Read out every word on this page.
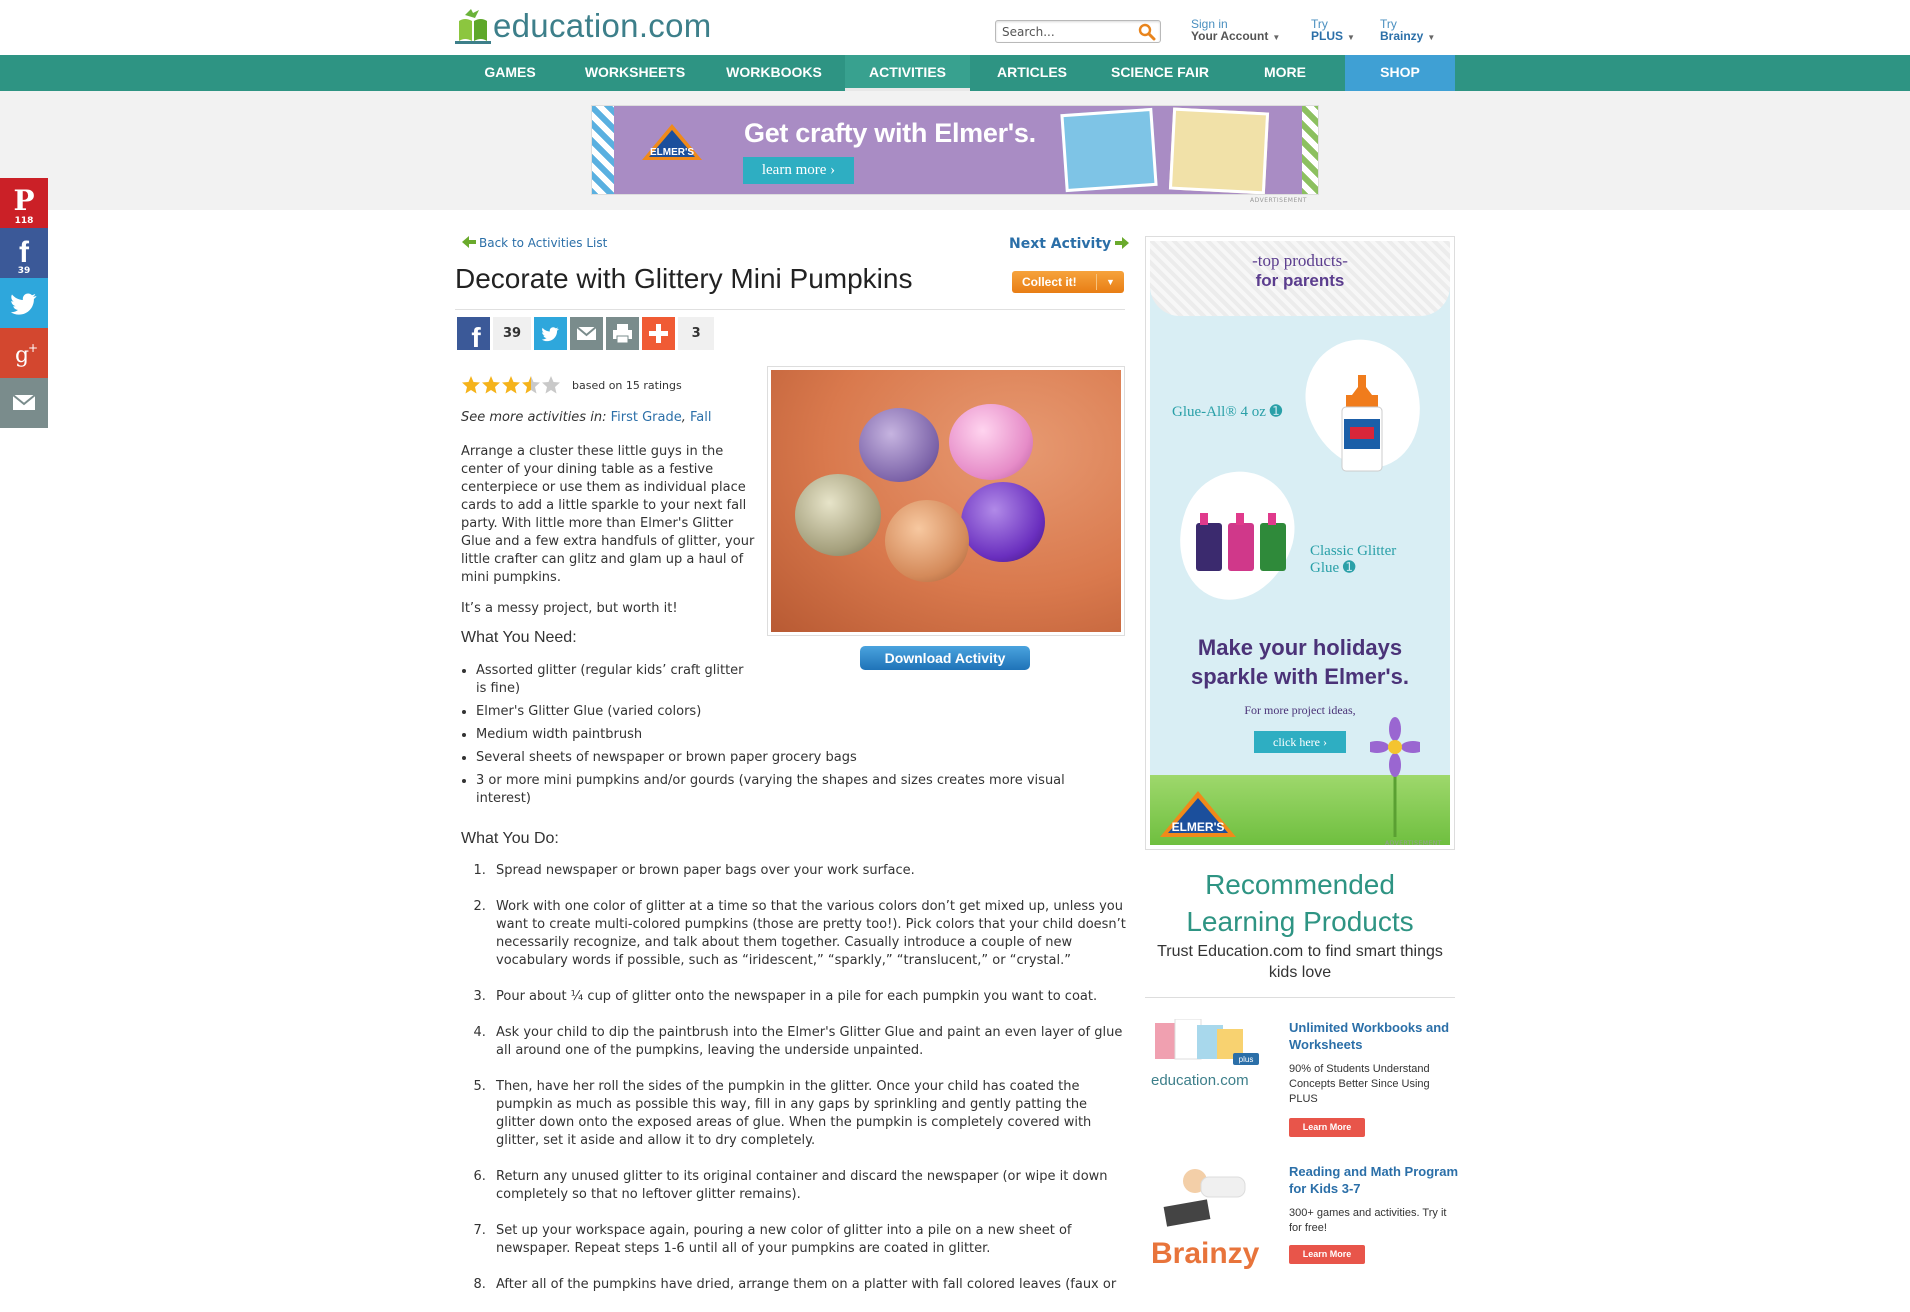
education.com
Search...	Sign in
Your Account ▼
Try
PLUS ▼
Try
Brainzy ▼
GAMES	WORKSHEETS	WORKBOOKS	ACTIVITIES	ARTICLES	SCIENCE FAIR	MORE	SHOP
ELMER'S
Get crafty with Elmer's.
learn more ›
ADVERTISEMENT
P
118
f
39
g
+
Back to Activities List	Next Activity
Decorate with Glittery Mini Pumpkins	Collect it!	▼
f	39	3
based on 15 ratings
See more activities in: First Grade, Fall
Arrange a cluster these little guys in the center of your dining table as a festive centerpiece or use them as individual place cards to add a little sparkle to your next fall party. With little more than Elmer's Glitter Glue and a few extra handfuls of glitter, your little crafter can glitz and glam up a haul of mini pumpkins.
It’s a messy project, but worth it!
What You Need:
• Assorted glitter (regular kids’ craft glitter is fine)
• Elmer's Glitter Glue (varied colors)
• Medium width paintbrush
• Several sheets of newspaper or brown paper grocery bags
• 3 or more mini pumpkins and/or gourds (varying the shapes and sizes creates more visual interest)
What You Do:
1. Spread newspaper or brown paper bags over your work surface.
2. Work with one color of glitter at a time so that the various colors don’t get mixed up, unless you want to create multi-colored pumpkins (those are pretty too!). Pick colors that your child doesn’t necessarily recognize, and talk about them together. Casually introduce a couple of new vocabulary words if possible, such as “iridescent,” “sparkly,” “translucent,” or “crystal.”
3. Pour about ¼ cup of glitter onto the newspaper in a pile for each pumpkin you want to coat.
4. Ask your child to dip the paintbrush into the Elmer's Glitter Glue and paint an even layer of glue all around one of the pumpkins, leaving the underside unpainted.
5. Then, have her roll the sides of the pumpkin in the glitter. Once your child has coated the pumpkin as much as possible this way, fill in any gaps by sprinkling and gently patting the glitter down onto the exposed areas of glue. When the pumpkin is completely covered with glitter, set it aside and allow it to dry completely.
6. Return any unused glitter to its original container and discard the newspaper (or wipe it down completely so that no leftover glitter remains).
7. Set up your workspace again, pouring a new color of glitter into a pile on a new sheet of newspaper. Repeat steps 1-6 until all of your pumpkins are coated in glitter.
8. After all of the pumpkins have dried, arrange them on a platter with fall colored leaves (faux or
Download Activity
-top products-
for parents
Glue-All® 4 oz ➊
Classic Glitter
Glue ➊
Make your holidays
sparkle with Elmer's.
For more project ideas,
click here ›
ELMER'S
ADVERTISEMENT
Recommended
Learning Products
Trust Education.com to find smart things kids love
plus
education.com
Unlimited Workbooks and Worksheets
90% of Students Understand Concepts Better Since Using PLUS
Learn More
Brainzy
Reading and Math Program for Kids 3-7
300+ games and activities. Try it for free!
Learn More
